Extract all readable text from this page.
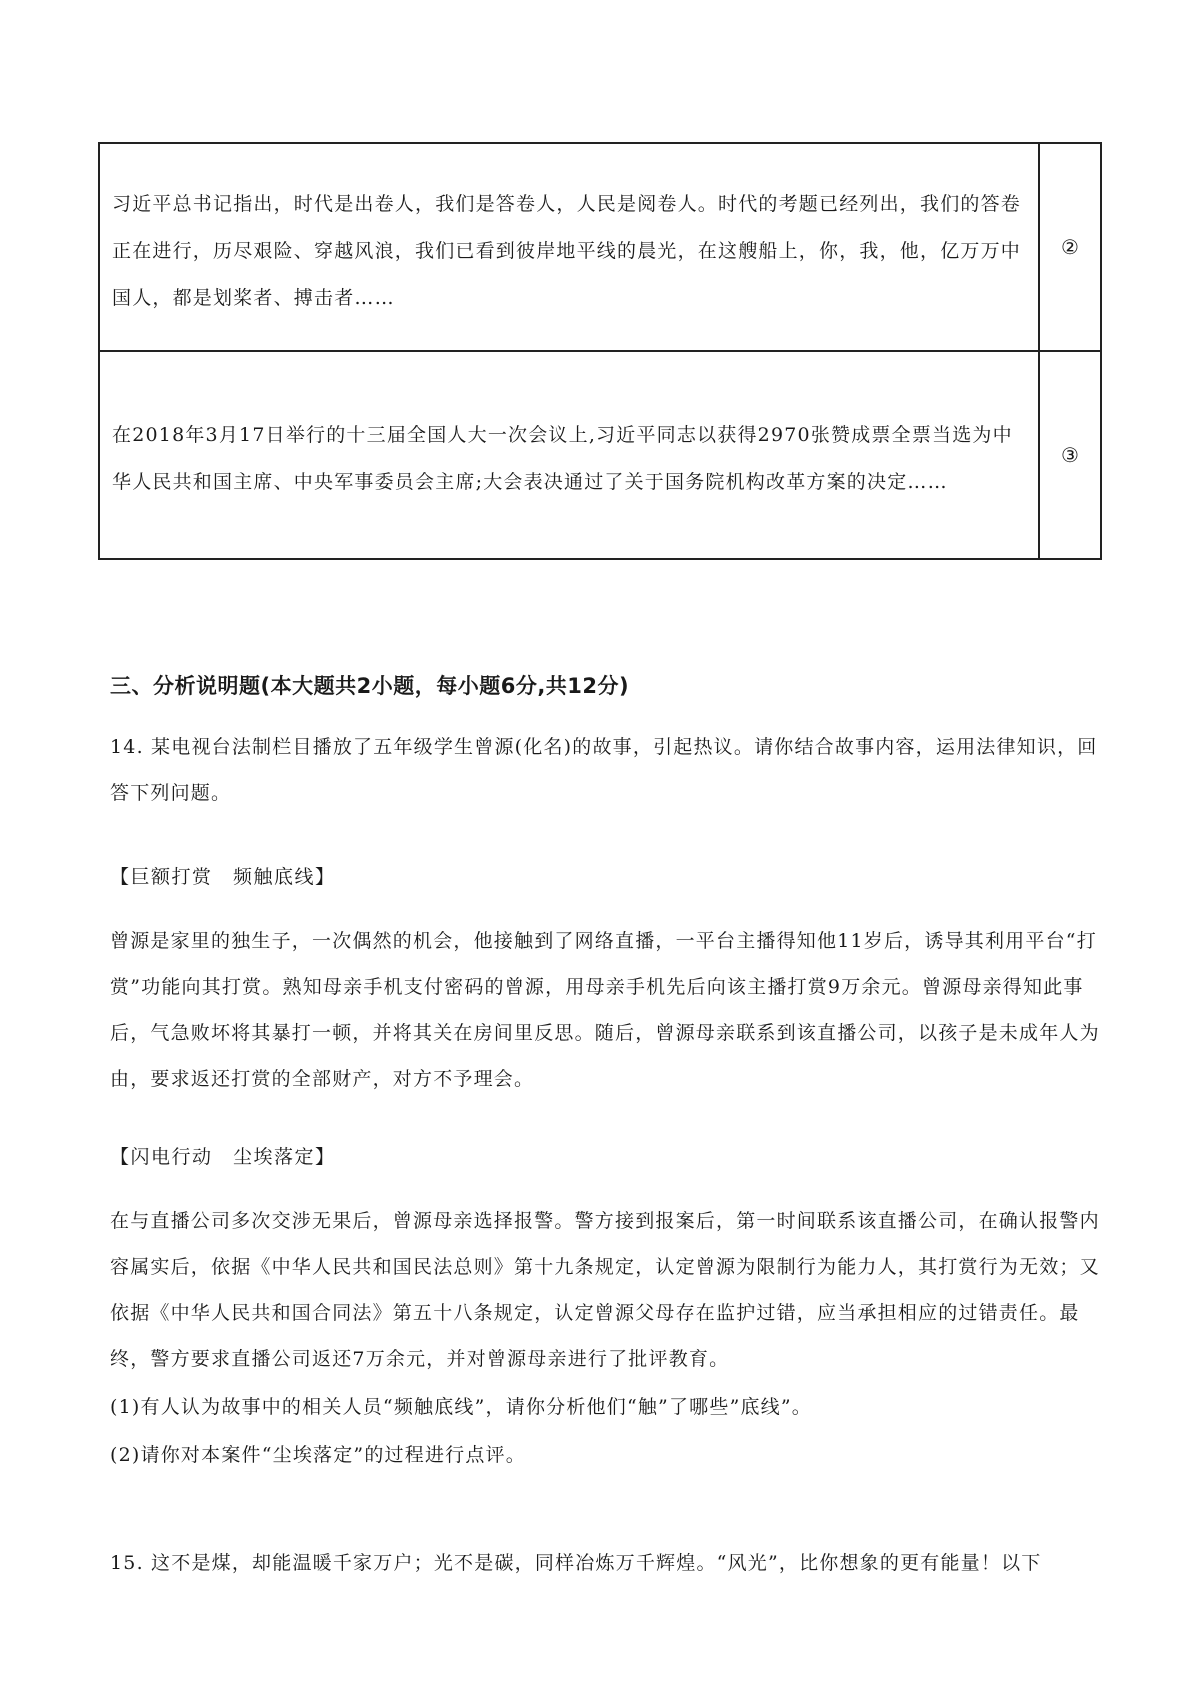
习近平总书记指出，时代是出卷人，我们是答卷人，人民是阅卷人。时代的考题已经列出，我们的答卷正在进行，历尽艰险、穿越风浪，我们已看到彼岸地平线的晨光，在这艘船上，你，我，他，亿万万中国人，都是划桨者、搏击者……	②

在2018年3月17日举行的十三届全国人大一次会议上,习近平同志以获得2970张赞成票全票当选为中华人民共和国主席、中央军事委员会主席;大会表决通过了关于国务院机构改革方案的决定……	③
三、分析说明题(本大题共2小题，每小题6分,共12分)
14. 某电视台法制栏目播放了五年级学生曾源(化名)的故事，引起热议。请你结合故事内容，运用法律知识，回答下列问题。
【巨额打赏　频触底线】
曾源是家里的独生子，一次偶然的机会，他接触到了网络直播，一平台主播得知他11岁后，诱导其利用平台“打赏”功能向其打赏。熟知母亲手机支付密码的曾源，用母亲手机先后向该主播打赏9万余元。曾源母亲得知此事后，气急败坏将其暴打一顿，并将其关在房间里反思。随后，曾源母亲联系到该直播公司，以孩子是未成年人为由，要求返还打赏的全部财产，对方不予理会。
【闪电行动　尘埃落定】
在与直播公司多次交涉无果后，曾源母亲选择报警。警方接到报案后，第一时间联系该直播公司，在确认报警内容属实后，依据《中华人民共和国民法总则》第十九条规定，认定曾源为限制行为能力人，其打赏行为无效；又依据《中华人民共和国合同法》第五十八条规定，认定曾源父母存在监护过错，应当承担相应的过错责任。最终，警方要求直播公司返还7万余元，并对曾源母亲进行了批评教育。
(1)有人认为故事中的相关人员“频触底线”，请你分析他们“触”了哪些”底线”。
(2)请你对本案件“尘埃落定”的过程进行点评。
15. 这不是煤，却能温暖千家万户；光不是碳，同样冶炼万千辉煌。“风光”，比你想象的更有能量！以下
